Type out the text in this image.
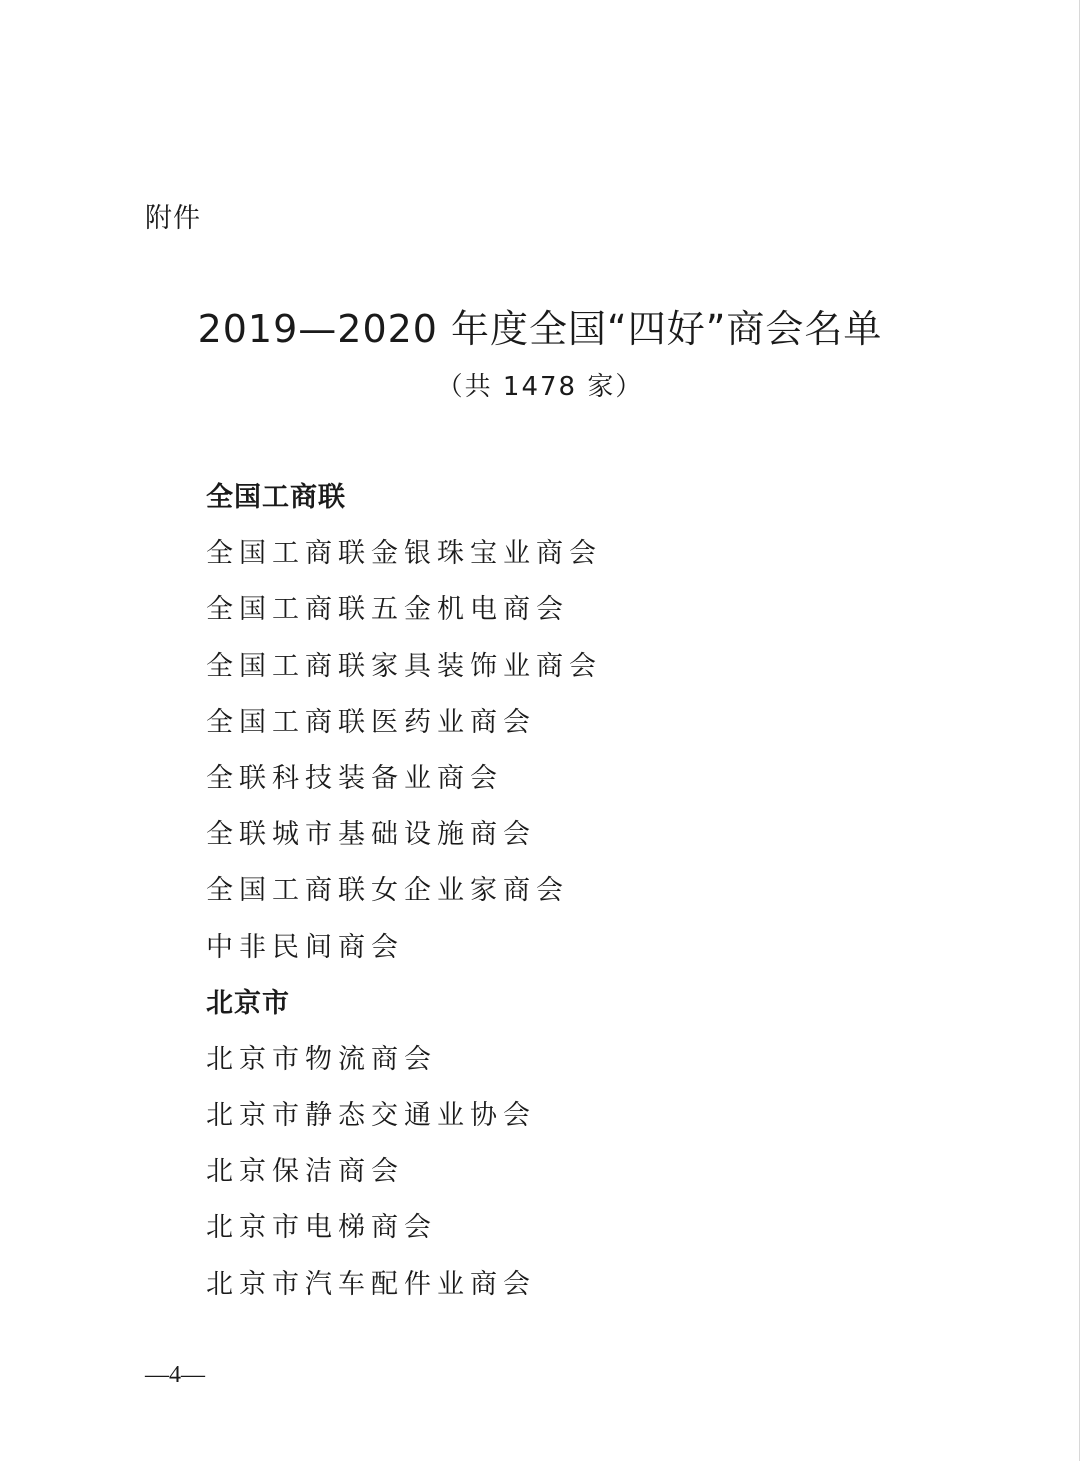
附件
2019—2020 年度全国“四好”商会名单
（共 1478 家）
全国工商联
全国工商联金银珠宝业商会
全国工商联五金机电商会
全国工商联家具装饰业商会
全国工商联医药业商会
全联科技装备业商会
全联城市基础设施商会
全国工商联女企业家商会
中非民间商会
北京市
北京市物流商会
北京市静态交通业协会
北京保洁商会
北京市电梯商会
北京市汽车配件业商会
—4—
